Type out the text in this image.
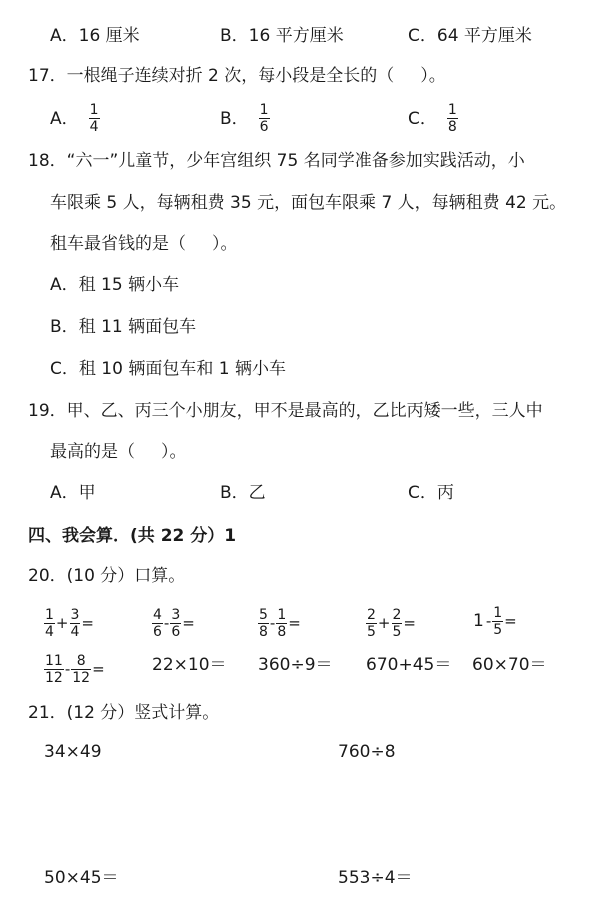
A．16 厘米	B．16 平方厘米	C．64 平方厘米
17．一根绳子连续对折 2 次，每小段是全长的（ ）。
A． $\frac{1}{4}$	B． $\frac{1}{6}$	C． $\frac{1}{8}$
18．“六一”儿童节，少年宫组织 75 名同学准备参加实践活动，小
车限乘 5 人，每辆租费 35 元，面包车限乘 7 人，每辆租费 42 元。
租车最省钱的是（ ）。
A．租 15 辆小车
B．租 11 辆面包车
C．租 10 辆面包车和 1 辆小车
19．甲、乙、丙三个小朋友，甲不是最高的，乙比丙矮一些，三人中
最高的是（ ）。
A．甲	B．乙	C．丙
四、我会算．(共 22 分）1
20．(10 分）口算。
$\frac{1}{4} + \frac{3}{4}$ =	$\frac{4}{6} - \frac{3}{6}$ =	$\frac{5}{8} - \frac{1}{8}$ =	$\frac{2}{5} + \frac{2}{5}$ =	$1 - \frac{1}{5}$ =
$\frac{11}{12} - \frac{8}{12}$ =	22×10＝ 360÷9＝ 670+45＝ 60×70＝
21．(12 分）竖式计算。
34×49	760÷8
50×45＝	553÷4＝
